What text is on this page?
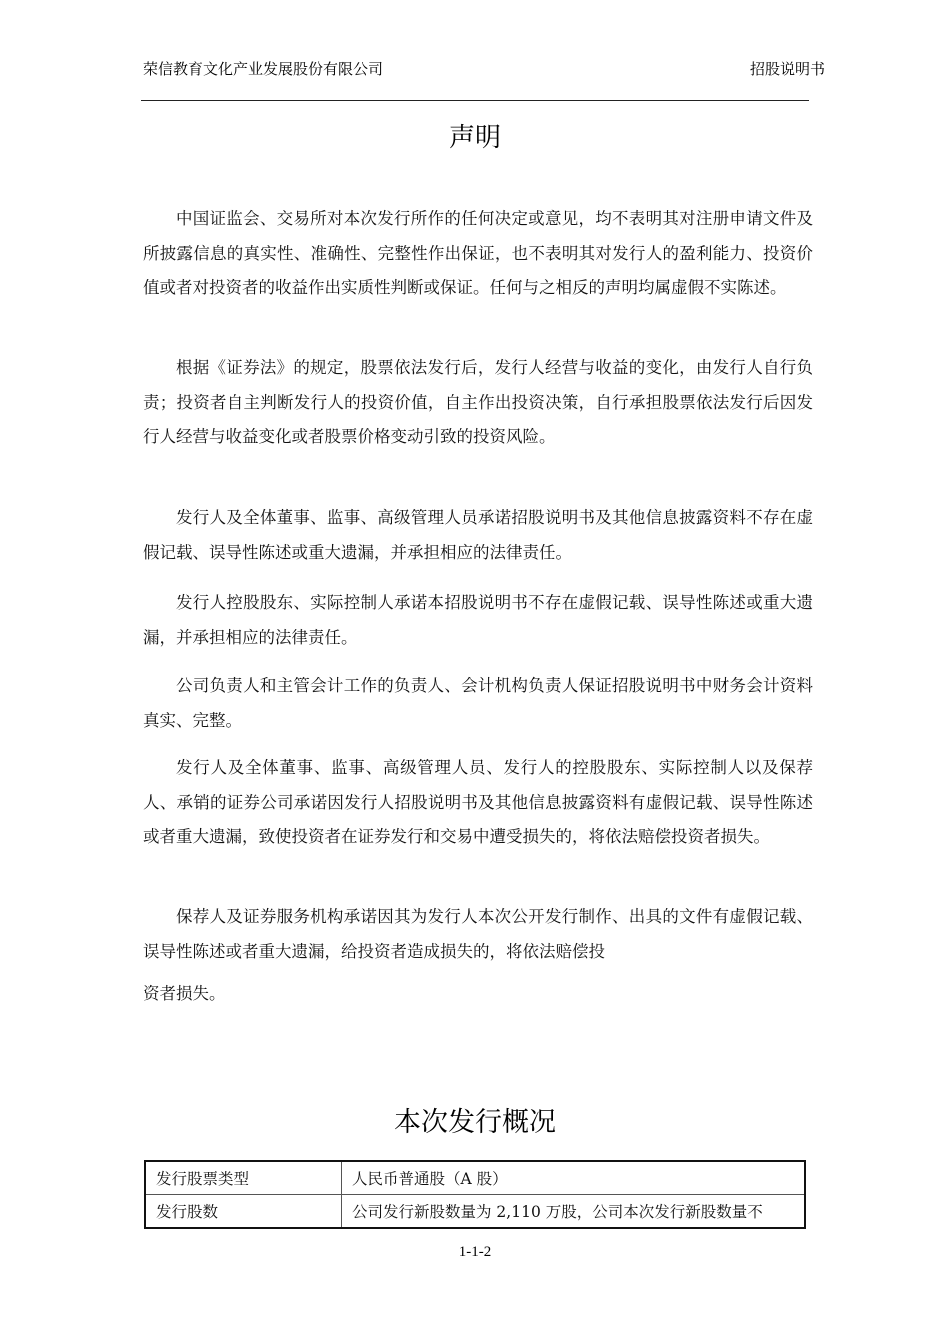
荣信教育文化产业发展股份有限公司	招股说明书
声明

中国证监会、交易所对本次发行所作的任何决定或意见，均不表明其对注册申请文件及所披露信息的真实性、准确性、完整性作出保证，也不表明其对发行人的盈利能力、投资价值或者对投资者的收益作出实质性判断或保证。任何与之相反的声明均属虚假不实陈述。

根据《证券法》的规定，股票依法发行后，发行人经营与收益的变化，由发行人自行负责；投资者自主判断发行人的投资价值，自主作出投资决策，自行承担股票依法发行后因发行人经营与收益变化或者股票价格变动引致的投资风险。

发行人及全体董事、监事、高级管理人员承诺招股说明书及其他信息披露资料不存在虚假记载、误导性陈述或重大遗漏，并承担相应的法律责任。

发行人控股股东、实际控制人承诺本招股说明书不存在虚假记载、误导性陈述或重大遗漏，并承担相应的法律责任。

公司负责人和主管会计工作的负责人、会计机构负责人保证招股说明书中财务会计资料真实、完整。

发行人及全体董事、监事、高级管理人员、发行人的控股股东、实际控制人以及保荐人、承销的证券公司承诺因发行人招股说明书及其他信息披露资料有虚假记载、误导性陈述或者重大遗漏，致使投资者在证券发行和交易中遭受损失的，将依法赔偿投资者损失。

保荐人及证券服务机构承诺因其为发行人本次公开发行制作、出具的文件有虚假记载、误导性陈述或者重大遗漏，给投资者造成损失的，将依法赔偿投
资者损失。
本次发行概况
发行股票类型	人民币普通股（A 股）
发行股数	公司发行新股数量为 2,110 万股，公司本次发行新股数量不
1-1-2
